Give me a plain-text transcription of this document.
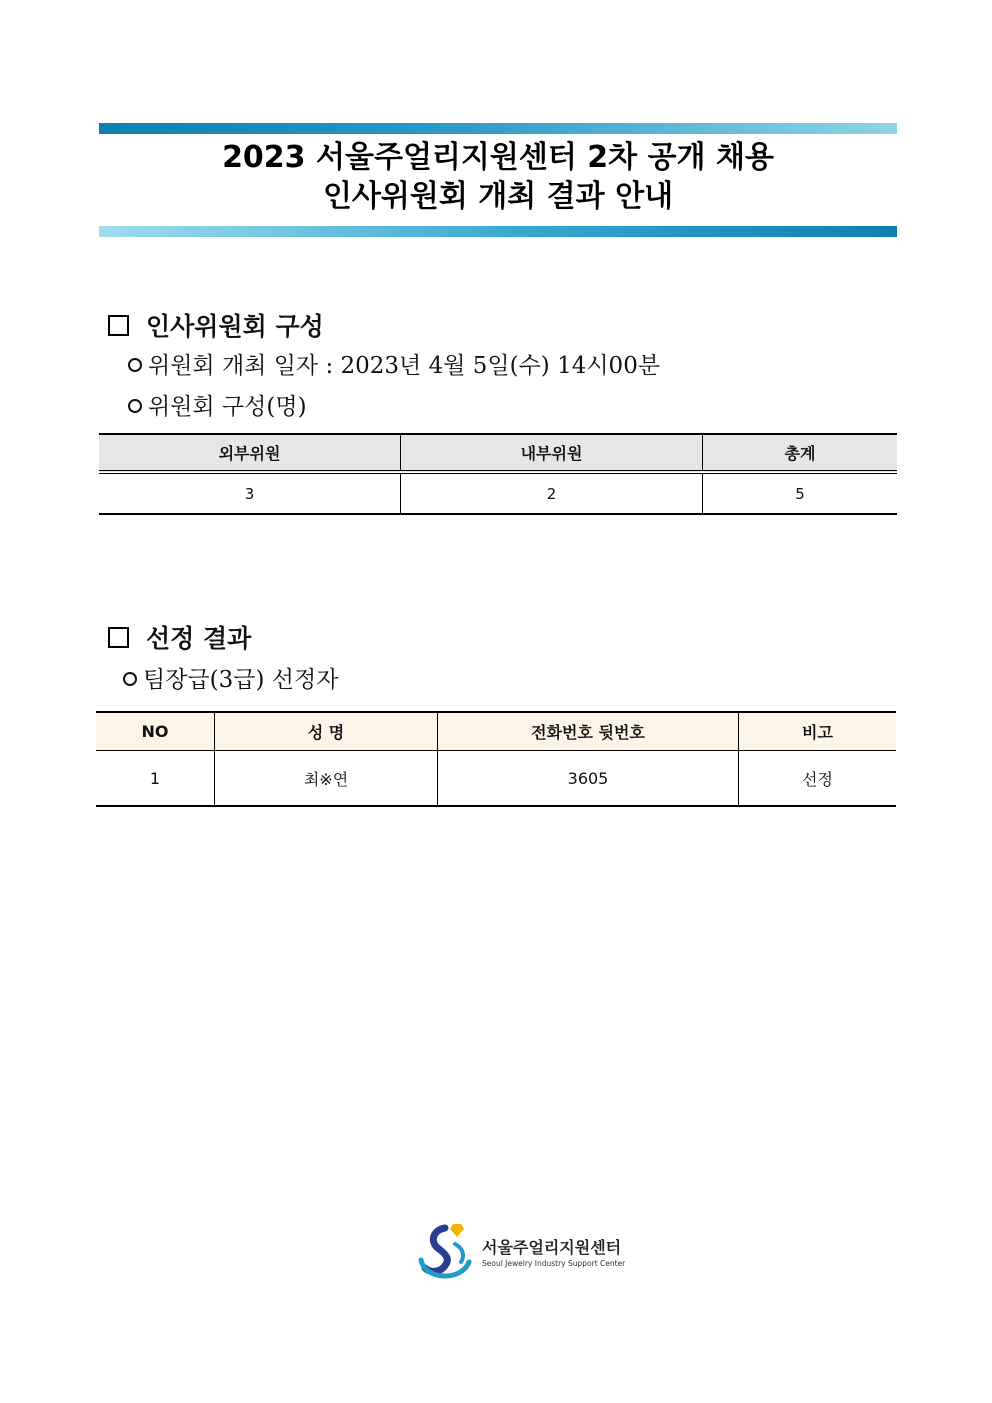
2023 서울주얼리지원센터 2차 공개 채용
인사위원회 개최 결과 안내
인사위원회 구성
위원회 개최 일자 : 2023년 4월 5일(수) 14시00분
위원회 구성(명)
외부위원	내부위원	총계
3	2	5
선정 결과
팀장급(3급) 선정자
NO	성 명	전화번호 뒷번호	비고
1	최※연	3605	선정
서울주얼리지원센터
Seoul Jewelry Industry Support Center
